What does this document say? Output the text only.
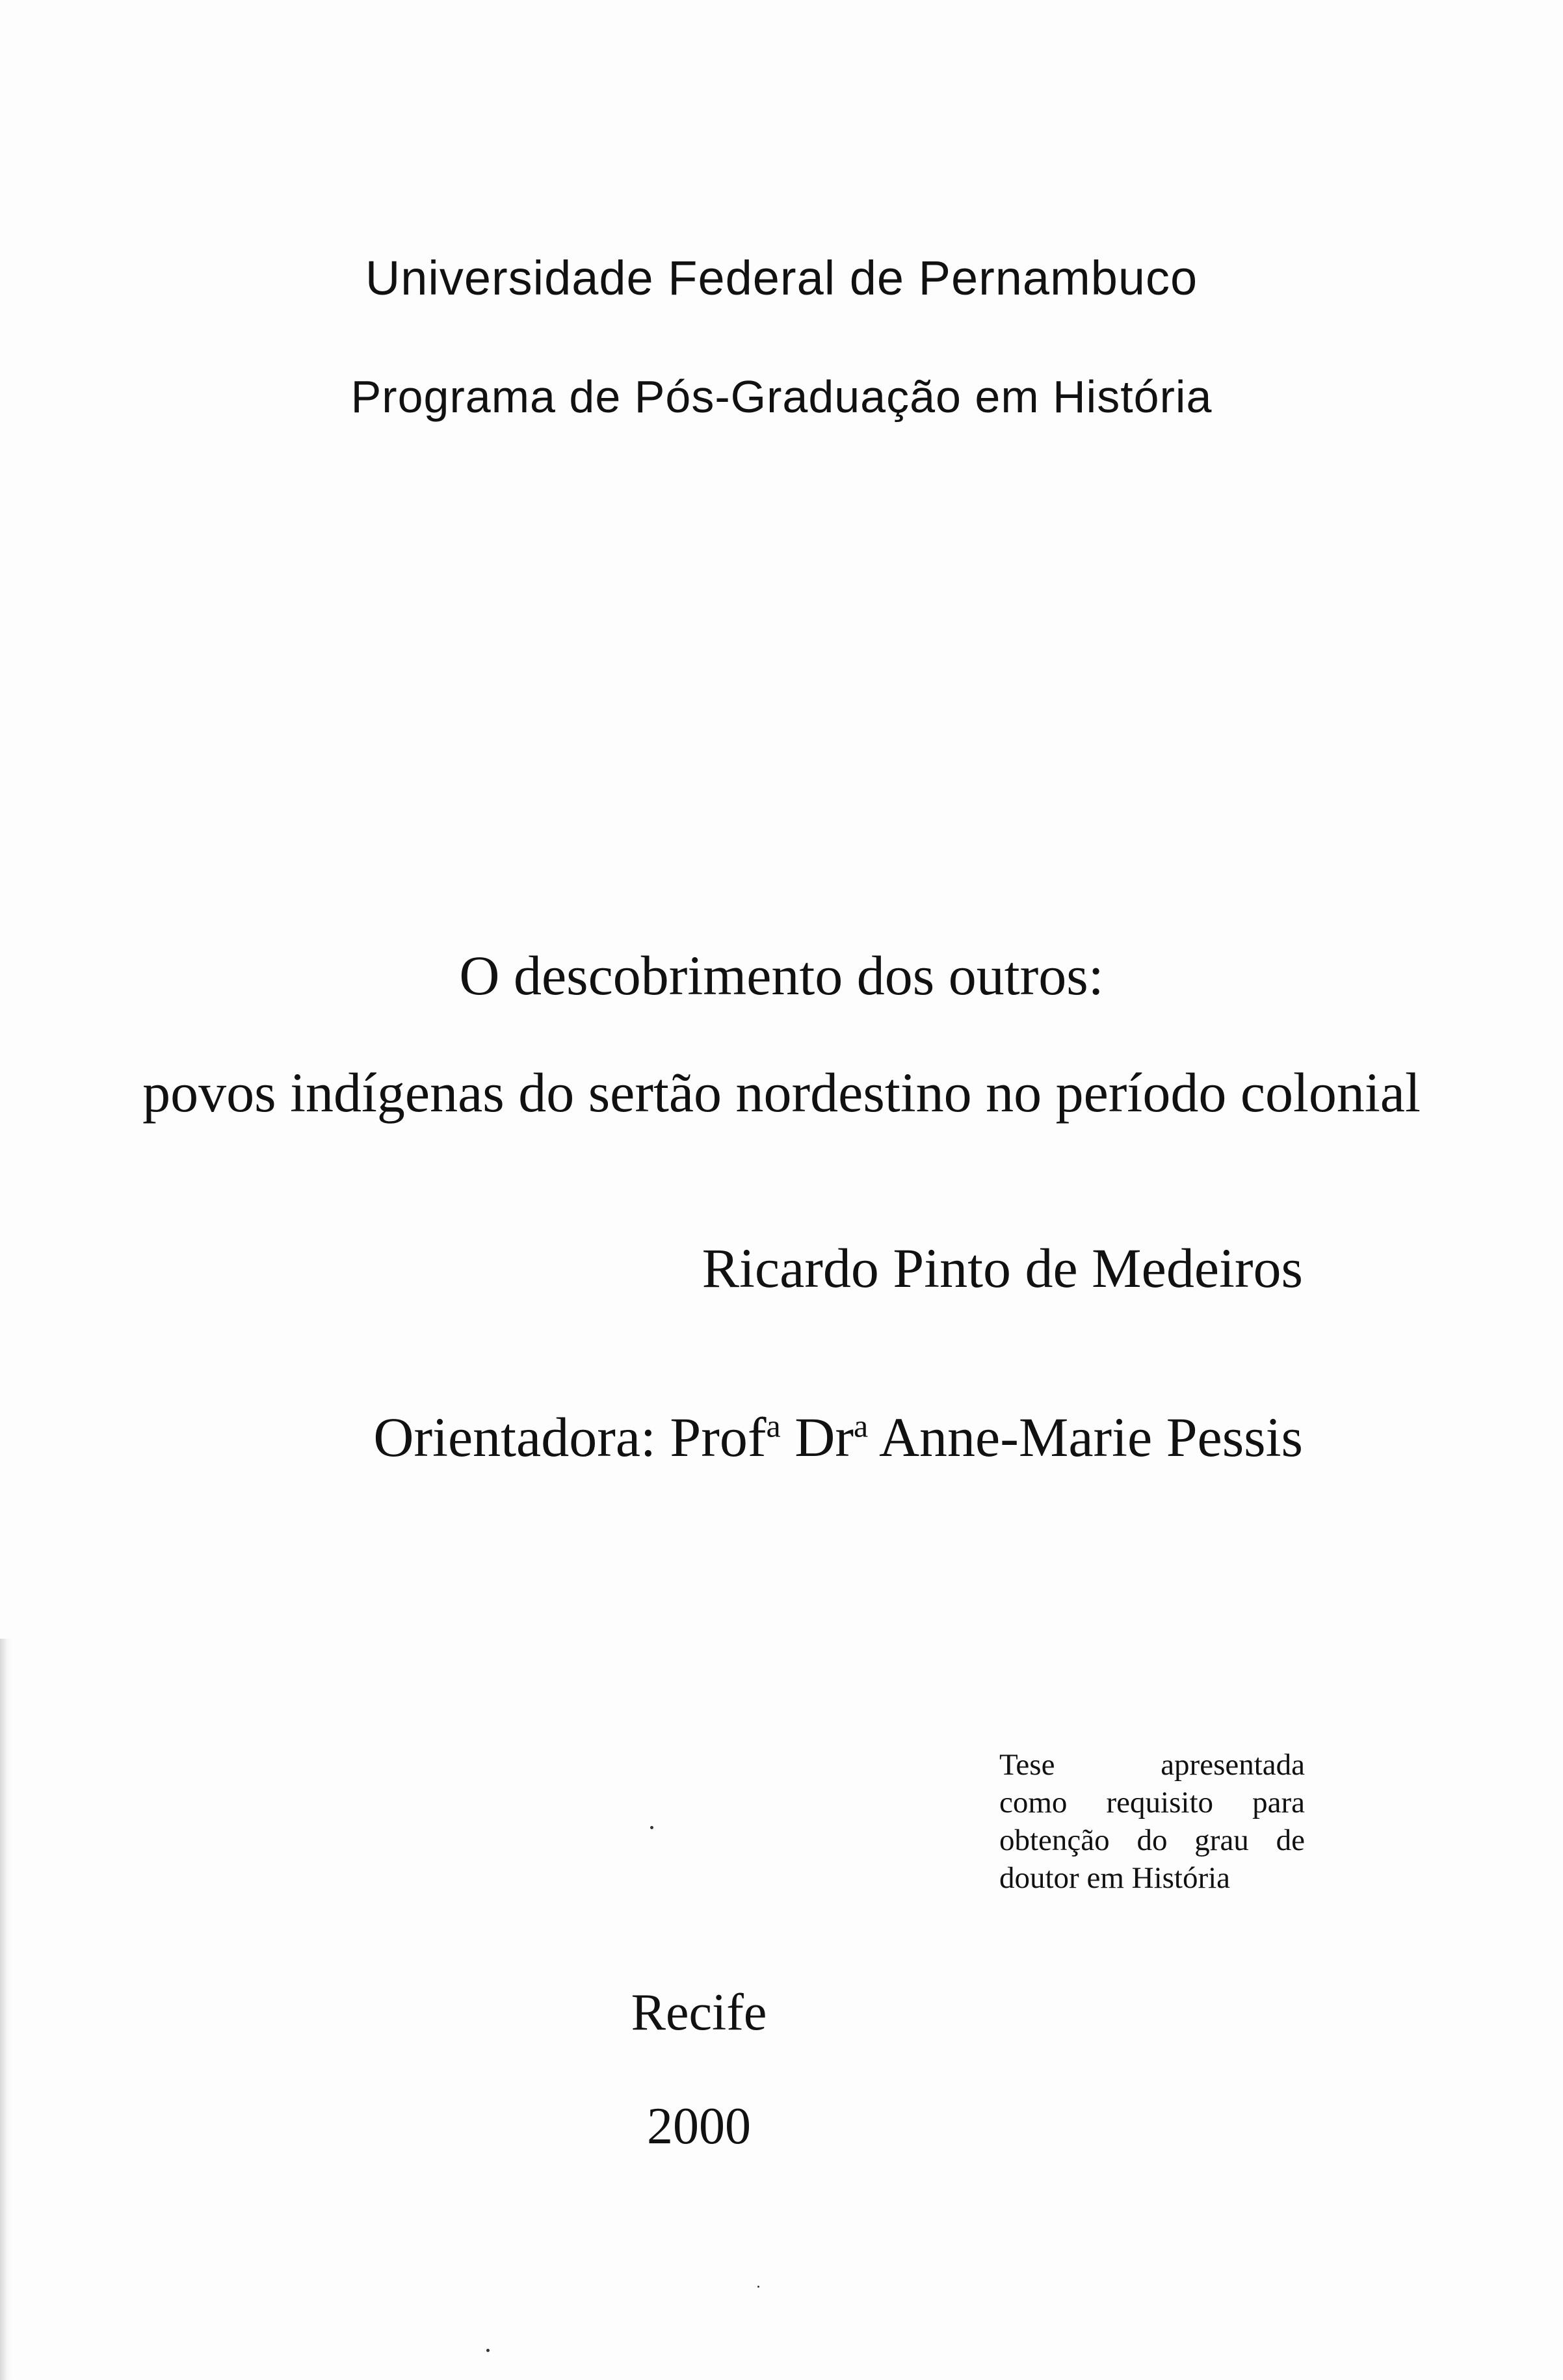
Universidade Federal de Pernambuco
Programa de Pós-Graduação em História
O descobrimento dos outros:
povos indígenas do sertão nordestino no período colonial
Ricardo Pinto de Medeiros
Orientadora: Prof$^a$ Dr$^a$ Anne-Marie Pessis
Tese apresentada
como requisito para
obtenção do grau de
doutor em História
Recife
2000
